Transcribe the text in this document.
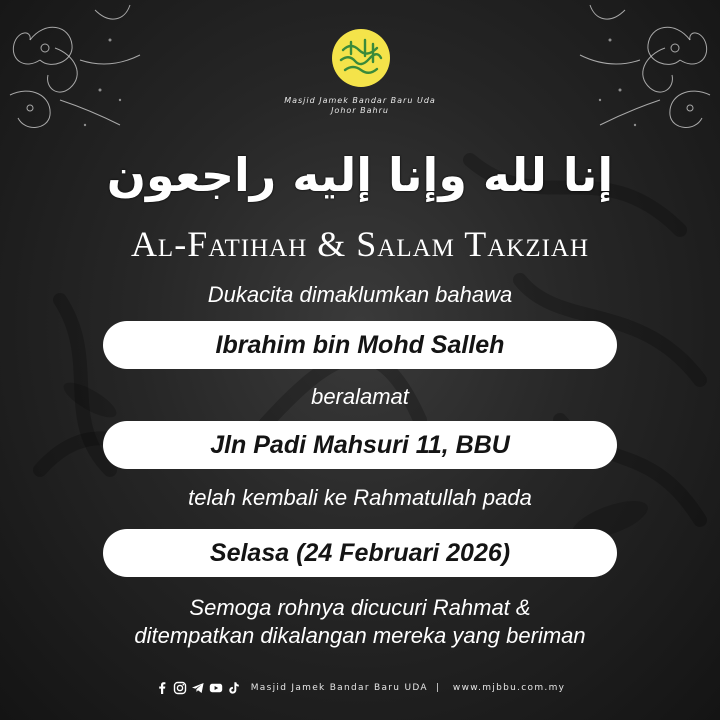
Masjid Jamek Bandar Baru Uda
Johor Bahru
إنا لله وإنا إليه راجعون
Al-Fatihah & Salam Takziah
Dukacita dimaklumkan bahawa
Ibrahim bin Mohd Salleh
beralamat
Jln Padi Mahsuri 11, BBU
telah kembali ke Rahmatullah pada
Selasa (24 Februari 2026)
Semoga rohnya dicucuri Rahmat &
ditempatkan dikalangan mereka yang beriman
Masjid Jamek Bandar Baru UDA | www.mjbbu.com.my
